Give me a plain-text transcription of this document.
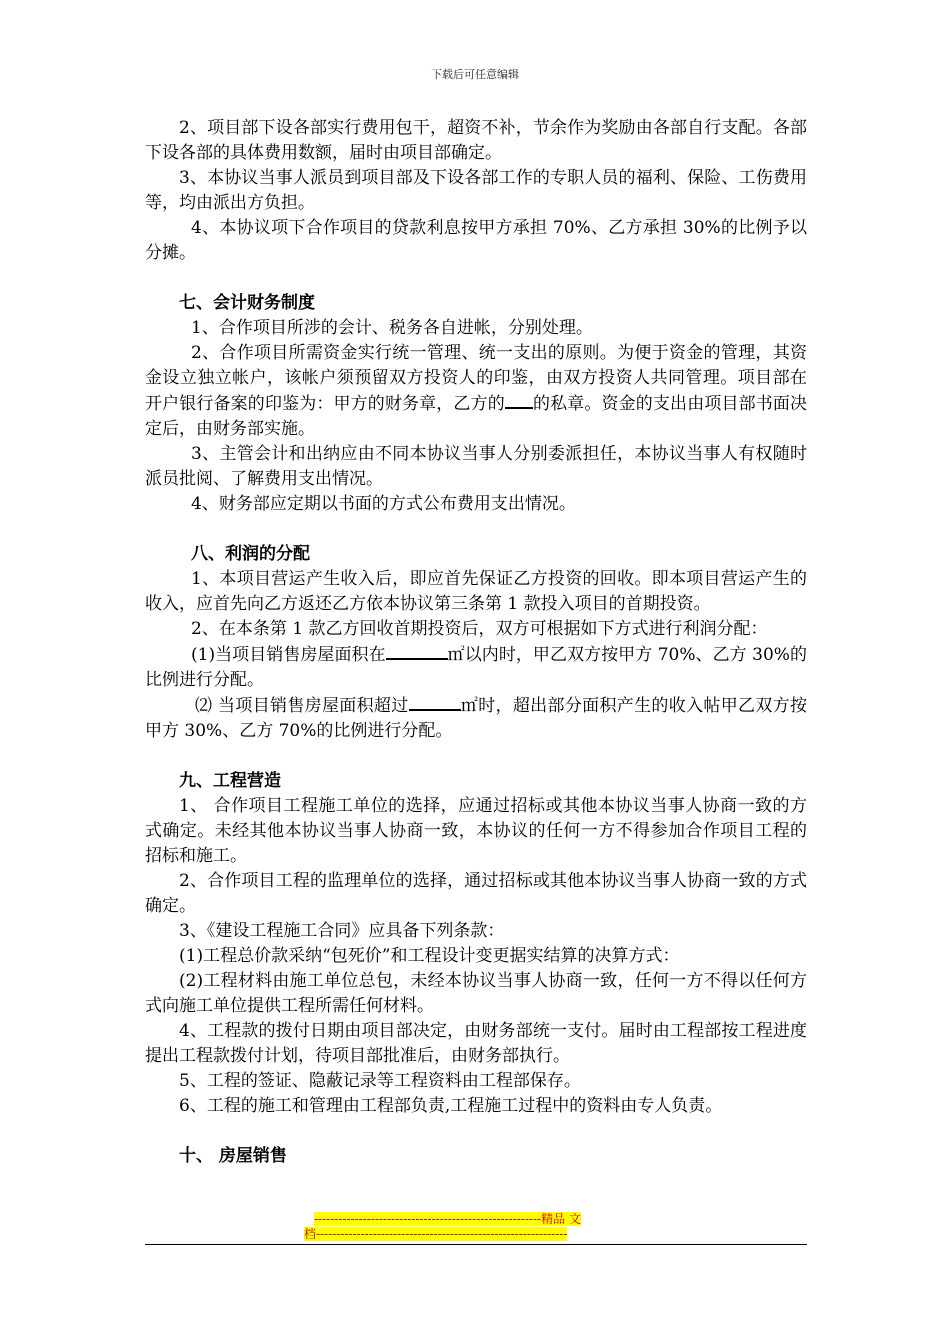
下载后可任意编辑

2、项目部下设各部实行费用包干，超资不补，节余作为奖励由各部自行支配。各部下设各部的具体费用数额，届时由项目部确定。

3、本协议当事人派员到项目部及下设各部工作的专职人员的福利、保险、工伤费用等，均由派出方负担。

4、本协议项下合作项目的贷款利息按甲方承担 70%、乙方承担 30%的比例予以分摊。

七、会计财务制度

1、合作项目所涉的会计、税务各自进帐，分别处理。

2、合作项目所需资金实行统一管理、统一支出的原则。为便于资金的管理，其资金设立独立帐户，该帐户须预留双方投资人的印鉴，由双方投资人共同管理。项目部在开户银行备案的印鉴为：甲方的财务章，乙方的 的私章。资金的支出由项目部书面决定后，由财务部实施。

3、主管会计和出纳应由不同本协议当事人分别委派担任，本协议当事人有权随时派员批阅、了解费用支出情况。

4、财务部应定期以书面的方式公布费用支出情况。

八、利润的分配

1、本项目营运产生收入后，即应首先保证乙方投资的回收。即本项目营运产生的收入，应首先向乙方返还乙方依本协议第三条第 1 款投入项目的首期投资。

2、在本条第 1 款乙方回收首期投资后，双方可根据如下方式进行利润分配：

(1)当项目销售房屋面积在	㎡以内时，甲乙双方按甲方 70%、乙方 30%的比例进行分配。

⑵ 当项目销售房屋面积超过	㎡时，超出部分面积产生的收入帖甲乙双方按甲方 30%、乙方 70%的比例进行分配。

九、工程营造

1、 合作项目工程施工单位的选择，应通过招标或其他本协议当事人协商一致的方式确定。未经其他本协议当事人协商一致，本协议的任何一方不得参加合作项目工程的招标和施工。

2、合作项目工程的监理单位的选择，通过招标或其他本协议当事人协商一致的方式确定。

3、《建设工程施工合同》应具备下列条款：

(1)工程总价款采纳“包死价”和工程设计变更据实结算的决算方式：

(2)工程材料由施工单位总包，未经本协议当事人协商一致，任何一方不得以任何方式向施工单位提供工程所需任何材料。

4、工程款的拨付日期由项目部决定，由财务部统一支付。届时由工程部按工程进度提出工程款拨付计划，待项目部批准后，由财务部执行。

5、工程的签证、隐蔽记录等工程资料由工程部保存。

6、工程的施工和管理由工程部负责,工程施工过程中的资料由专人负责。

十、 房屋销售

--------------------------------------------------------精品 文
档--------------------------------------------------------------
